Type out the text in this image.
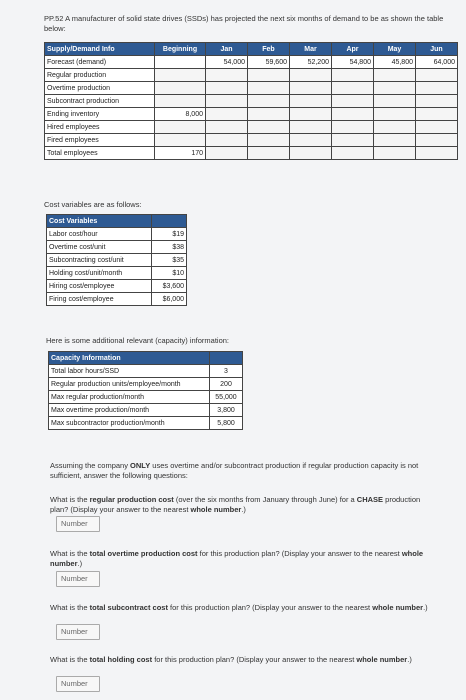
PP.52 A manufacturer of solid state drives (SSDs) has projected the next six months of demand to be as shown the table below:
Supply/Demand Info	Beginning	Jan	Feb	Mar	Apr	May	Jun
Forecast (demand)		54,000	59,600	52,200	54,800	45,800	64,000
Regular production							
Overtime production							
Subcontract production							
Ending inventory	8,000						
Hired employees							
Fired employees							
Total employees	170						
Cost variables are as follows:
Cost Variables	
Labor cost/hour	$19
Overtime cost/unit	$38
Subcontracting cost/unit	$35
Holding cost/unit/month	$10
Hiring cost/employee	$3,600
Firing cost/employee	$6,000
Here is some additional relevant (capacity) information:
Capacity Information	
Total labor hours/SSD	3
Regular production units/employee/month	200
Max regular production/month	55,000
Max overtime production/month	3,800
Max subcontractor production/month	5,800
Assuming the company ONLY uses overtime and/or subcontract production if regular production capacity is not sufficient, answer the following questions:
What is the regular production cost (over the six months from January through June) for a CHASE production plan? (Display your answer to the nearest whole number.)
Number
What is the total overtime production cost for this production plan? (Display your answer to the nearest whole number.)
Number
What is the total subcontract cost for this production plan? (Display your answer to the nearest whole number.)
Number
What is the total holding cost for this production plan? (Display your answer to the nearest whole number.)
Number
